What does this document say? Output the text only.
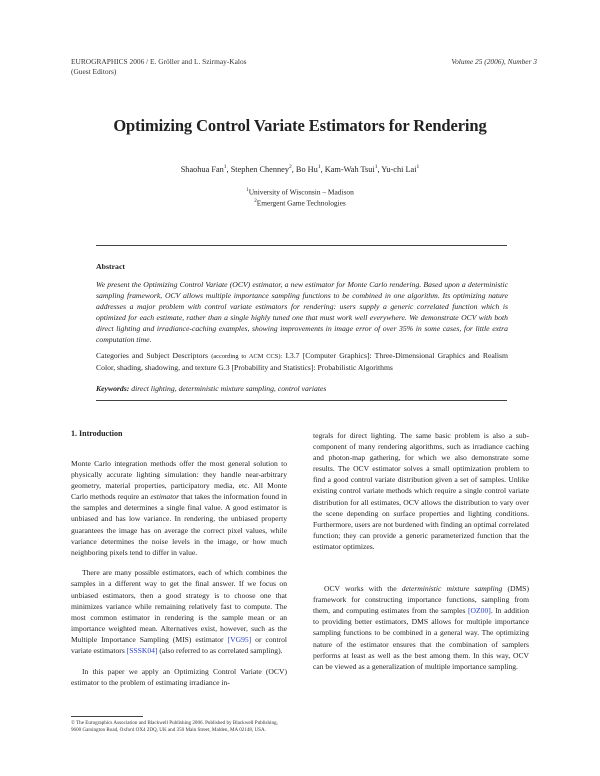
EUROGRAPHICS 2006 / E. Gröller and L. Szirmay-Kalos
(Guest Editors)
Volume 25 (2006), Number 3
Optimizing Control Variate Estimators for Rendering
Shaohua Fan$^1$, Stephen Chenney$^2$, Bo Hu$^1$, Kam-Wah Tsui$^1$, Yu-chi Lai$^1$
$^1$University of Wisconsin – Madison
$^2$Emergent Game Technologies
Abstract
We present the Optimizing Control Variate (OCV) estimator, a new estimator for Monte Carlo rendering. Based upon a deterministic sampling framework, OCV allows multiple importance sampling functions to be combined in one algorithm. Its optimizing nature addresses a major problem with control variate estimators for rendering: users supply a generic correlated function which is optimized for each estimate, rather than a single highly tuned one that must work well everywhere. We demonstrate OCV with both direct lighting and irradiance-caching examples, showing improvements in image error of over 35% in some cases, for little extra computation time.
Categories and Subject Descriptors (according to ACM CCS): I.3.7 [Computer Graphics]: Three-Dimensional Graphics and Realism Color, shading, shadowing, and texture G.3 [Probability and Statistics]: Probabilistic Algorithms
Keywords: direct lighting, deterministic mixture sampling, control variates
1. Introduction

Monte Carlo integration methods offer the most general solution to physically accurate lighting simulation: they handle near-arbitrary geometry, material properties, participatory media, etc. All Monte Carlo methods require an estimator that takes the information found in the samples and determines a single final value. A good estimator is unbiased and has low variance. In rendering, the unbiased property guarantees the image has on average the correct pixel values, while variance determines the noise levels in the image, or how much neighboring pixels tend to differ in value.

There are many possible estimators, each of which combines the samples in a different way to get the final answer. If we focus on unbiased estimators, then a good strategy is to choose one that minimizes variance while remaining relatively fast to compute. The most common estimator in rendering is the sample mean or an importance weighted mean. Alternatives exist, however, such as the Multiple Importance Sampling (MIS) estimator [VG95] or control variate estimators [SSSK04] (also referred to as correlated sampling).

In this paper we apply an Optimizing Control Variate (OCV) estimator to the problem of estimating irradiance in-

tegrals for direct lighting. The same basic problem is also a sub-component of many rendering algorithms, such as irradiance caching and photon-map gathering, for which we also demonstrate some results. The OCV estimator solves a small optimization problem to find a good control variate distribution given a set of samples. Unlike existing control variate methods which require a single control variate distribution for all estimates, OCV allows the distribution to vary over the scene depending on surface properties and lighting conditions. Furthermore, users are not burdened with finding an optimal correlated function; they can provide a generic parameterized function that the estimator optimizes.

OCV works with the deterministic mixture sampling (DMS) framework for constructing importance functions, sampling from them, and computing estimates from the samples [OZ00]. In addition to providing better estimators, DMS allows for multiple importance sampling functions to be combined in a general way. The optimizing nature of the estimator ensures that the combination of samplers performs at least as well as the best among them. In this way, OCV can be viewed as a generalization of multiple importance sampling.

© The Eurographics Association and Blackwell Publishing 2006. Published by Blackwell Publishing, 9600 Garsington Road, Oxford OX4 2DQ, UK and 350 Main Street, Malden, MA 02148, USA.
